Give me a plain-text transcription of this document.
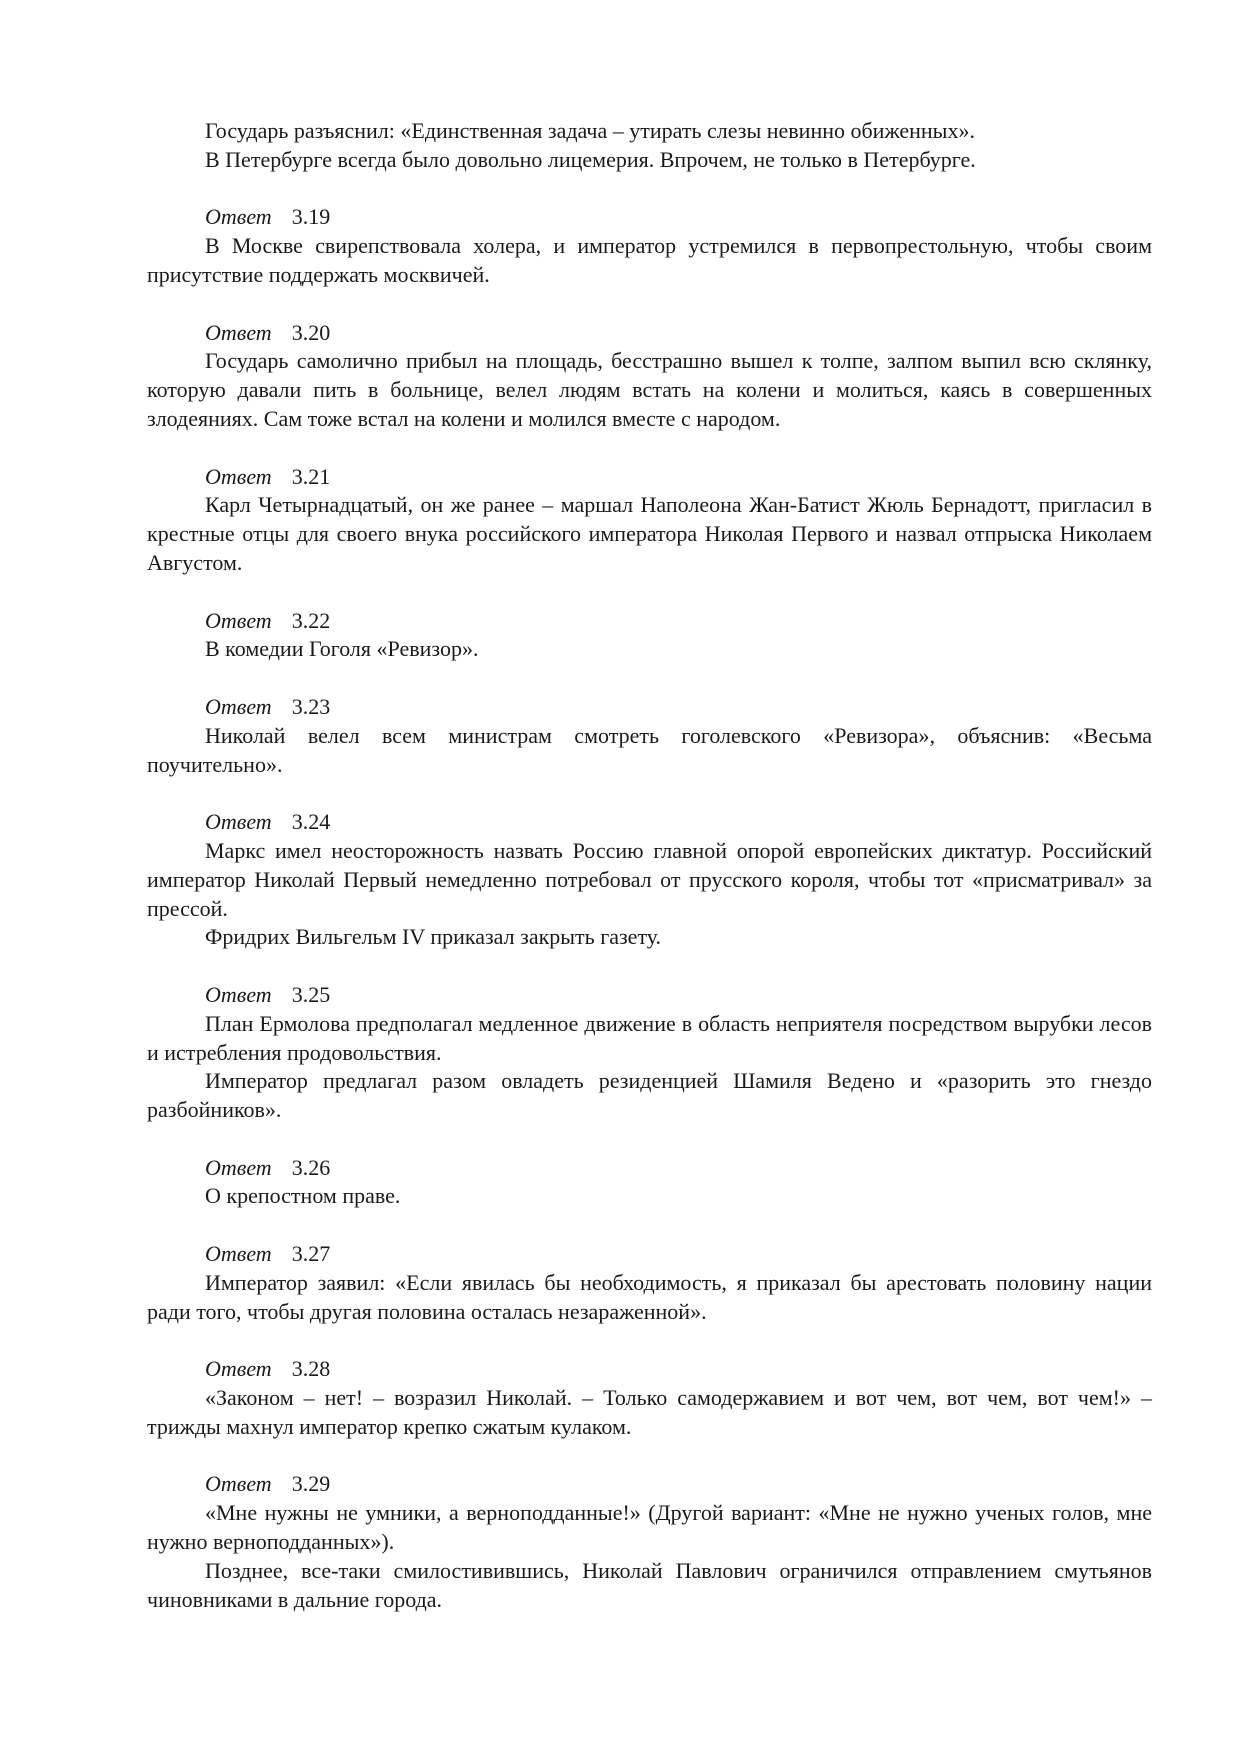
Государь разъяснил: «Единственная задача – утирать слезы невинно обиженных».

В Петербурге всегда было довольно лицемерия. Впрочем, не только в Петербурге.

Ответ 3.19

В Москве свирепствовала холера, и император устремился в первопрестольную, чтобы своим присутствие поддержать москвичей.

Ответ 3.20

Государь самолично прибыл на площадь, бесстрашно вышел к толпе, залпом выпил всю склянку, которую давали пить в больнице, велел людям встать на колени и молиться, каясь в совершенных злодеяниях. Сам тоже встал на колени и молился вместе с народом.

Ответ 3.21

Карл Четырнадцатый, он же ранее – маршал Наполеона Жан-Батист Жюль Бернадотт, пригласил в крестные отцы для своего внука российского императора Николая Первого и назвал отпрыска Николаем Августом.

Ответ 3.22

В комедии Гоголя «Ревизор».

Ответ 3.23

Николай велел всем министрам смотреть гоголевского «Ревизора», объяснив: «Весьма поучительно».

Ответ 3.24

Маркс имел неосторожность назвать Россию главной опорой европейских диктатур. Российский император Николай Первый немедленно потребовал от прусского короля, чтобы тот «присматривал» за прессой.

Фридрих Вильгельм IV приказал закрыть газету.

Ответ 3.25

План Ермолова предполагал медленное движение в область неприятеля посредством вырубки лесов и истребления продовольствия.

Император предлагал разом овладеть резиденцией Шамиля Ведено и «разорить это гнездо разбойников».

Ответ 3.26

О крепостном праве.

Ответ 3.27

Император заявил: «Если явилась бы необходимость, я приказал бы арестовать половину нации ради того, чтобы другая половина осталась незараженной».

Ответ 3.28

«Законом – нет! – возразил Николай. – Только самодержавием и вот чем, вот чем, вот чем!» – трижды махнул император крепко сжатым кулаком.

Ответ 3.29

«Мне нужны не умники, а верноподданные!» (Другой вариант: «Мне не нужно ученых голов, мне нужно верноподданных»).

Позднее, все-таки смилостивившись, Николай Павлович ограничился отправлением смутьянов чиновниками в дальние города.
